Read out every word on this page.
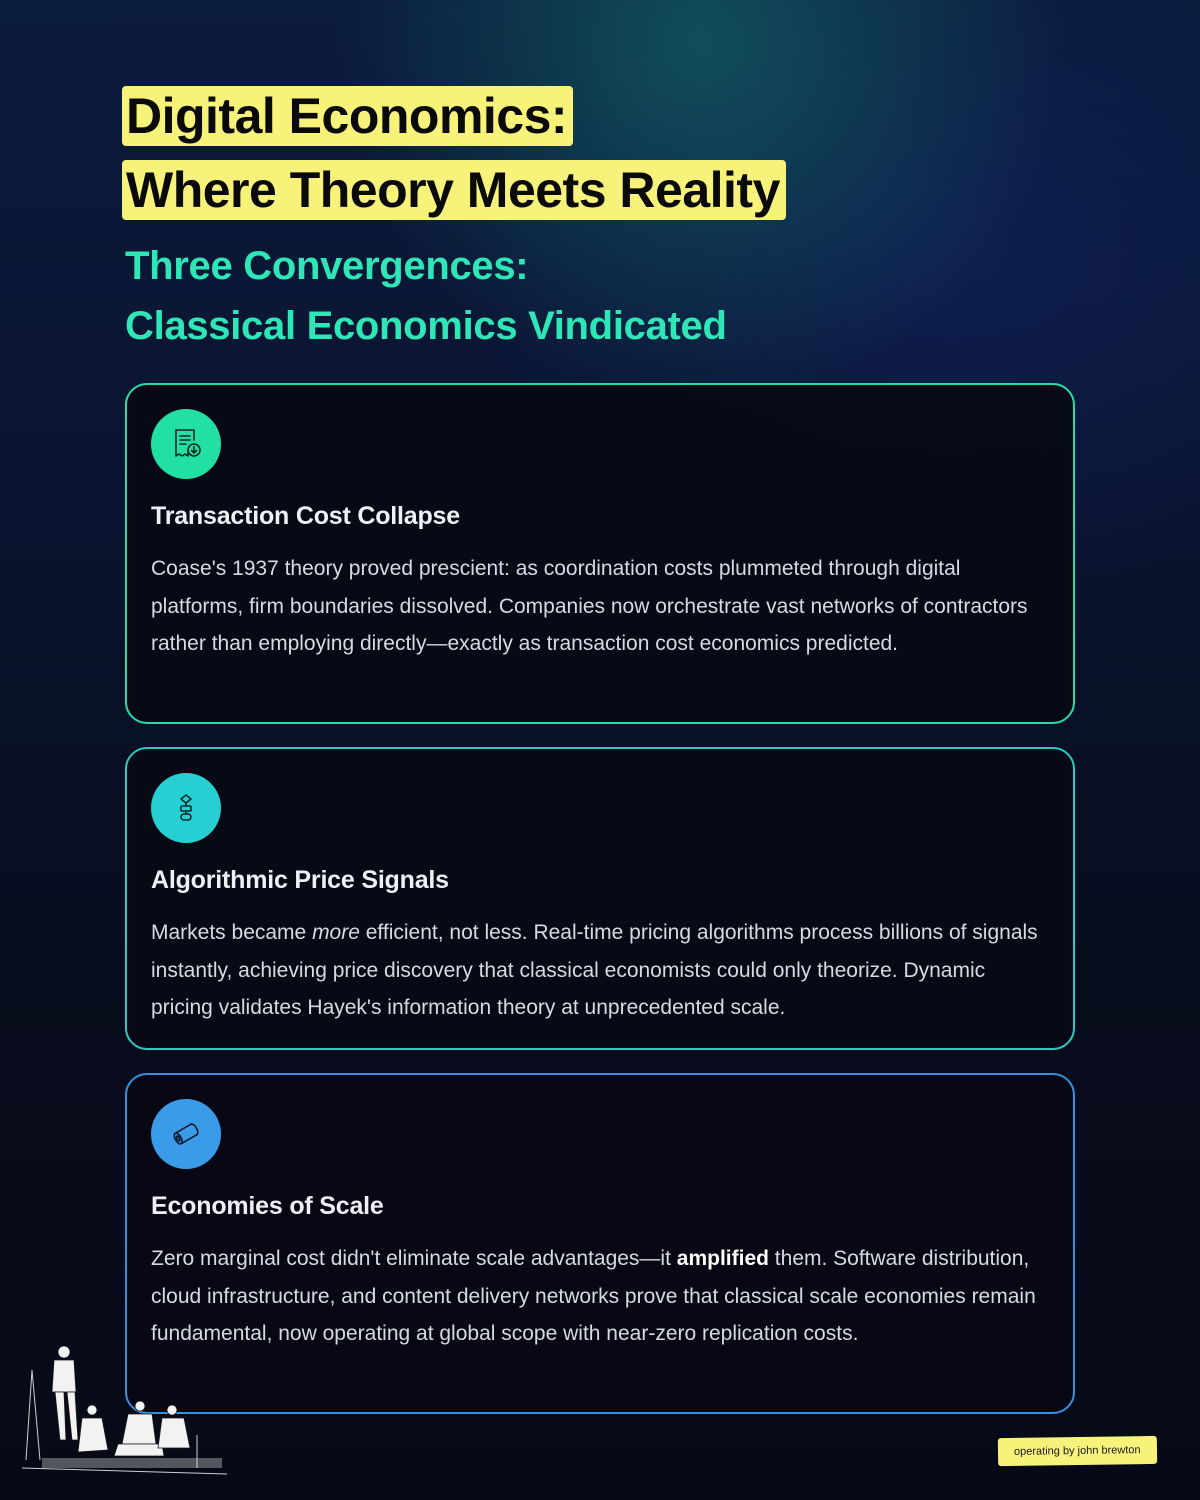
Digital Economics:
Where Theory Meets Reality
Three Convergences:
Classical Economics Vindicated
Transaction Cost Collapse
Coase's 1937 theory proved prescient: as coordination costs plummeted through digital platforms, firm boundaries dissolved. Companies now orchestrate vast networks of contractors rather than employing directly—exactly as transaction cost economics predicted.
Algorithmic Price Signals
Markets became more efficient, not less. Real-time pricing algorithms process billions of signals instantly, achieving price discovery that classical economists could only theorize. Dynamic pricing validates Hayek's information theory at unprecedented scale.
Economies of Scale
Zero marginal cost didn't eliminate scale advantages—it amplified them. Software distribution, cloud infrastructure, and content delivery networks prove that classical scale economies remain fundamental, now operating at global scope with near-zero replication costs.
operating by john brewton
